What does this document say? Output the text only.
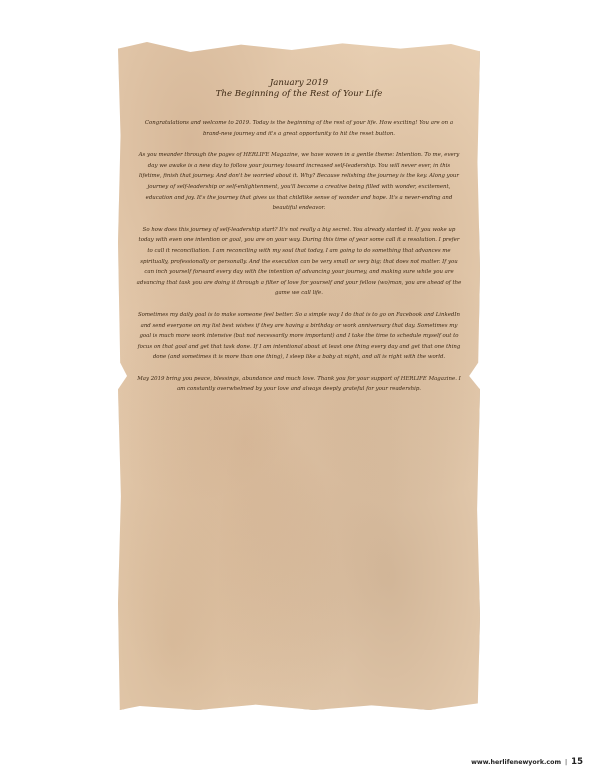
January 2019

The Beginning of the Rest of Your Life

Congratulations and welcome to 2019. Today is the beginning of the rest of your life. How exciting! You are on a brand-new journey and it's a great opportunity to hit the reset button.

As you meander through the pages of HERLIFE Magazine, we have woven in a gentle theme: Intention. To me, every day we awake is a new day to follow your journey toward increased self-leadership. You will never ever, in this lifetime, finish that journey. And don't be worried about it. Why? Because relishing the journey is the key. Along your journey of self-leadership or self-enlightenment, you'll become a creative being filled with wonder, excitement, education and joy. It's the journey that gives us that childlike sense of wonder and hope. It's a never-ending and beautiful endeavor.

So how does this journey of self-leadership start? It's not really a big secret. You already started it. If you woke up today with even one intention or goal, you are on your way. During this time of year some call it a resolution. I prefer to call it reconciliation. I am reconciling with my soul that today, I am going to do something that advances me spiritually, professionally or personally. And the execution can be very small or very big; that does not matter. If you can inch yourself forward every day with the intention of advancing your journey, and making sure while you are advancing that task you are doing it through a filter of love for yourself and your fellow (wo)man, you are ahead of the game we call life.

Sometimes my daily goal is to make someone feel better. So a simple way I do that is to go on Facebook and LinkedIn and send everyone on my list best wishes if they are having a birthday or work anniversary that day. Sometimes my goal is much more work intensive (but not necessarily more important) and I take the time to schedule myself out to focus on that goal and get that task done. If I am intentional about at least one thing every day and get that one thing done (and sometimes it is more than one thing), I sleep like a baby at night, and all is right with the world.

May 2019 bring you peace, blessings, abundance and much love. Thank you for your support of HERLIFE Magazine. I am constantly overwhelmed by your love and always deeply grateful for your readership.

www.herlifenewyork.com | 15
